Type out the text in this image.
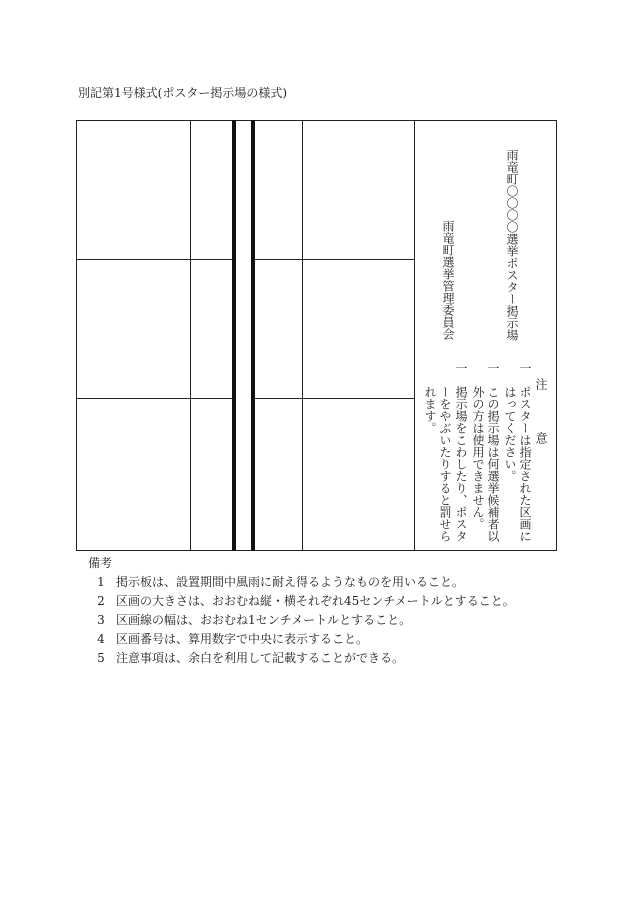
別記第1号様式(ポスター掲示場の様式)
雨竜町〇〇〇〇選挙ポスター掲示場
雨竜町選挙管理委員会
注　意
一
ポスターは指定された区画に
はってください。
一
この掲示場は何選挙候補者以
外の方は使用できません。
一
掲示場をこわしたり、ポスタ
ーをやぶいたりすると罰せら
れます。
備考
1 掲示板は、設置期間中風雨に耐え得るようなものを用いること。
2 区画の大きさは、おおむね縦・横それぞれ45センチメートルとすること。
3 区画線の幅は、おおむね1センチメートルとすること。
4 区画番号は、算用数字で中央に表示すること。
5 注意事項は、余白を利用して記載することができる。
